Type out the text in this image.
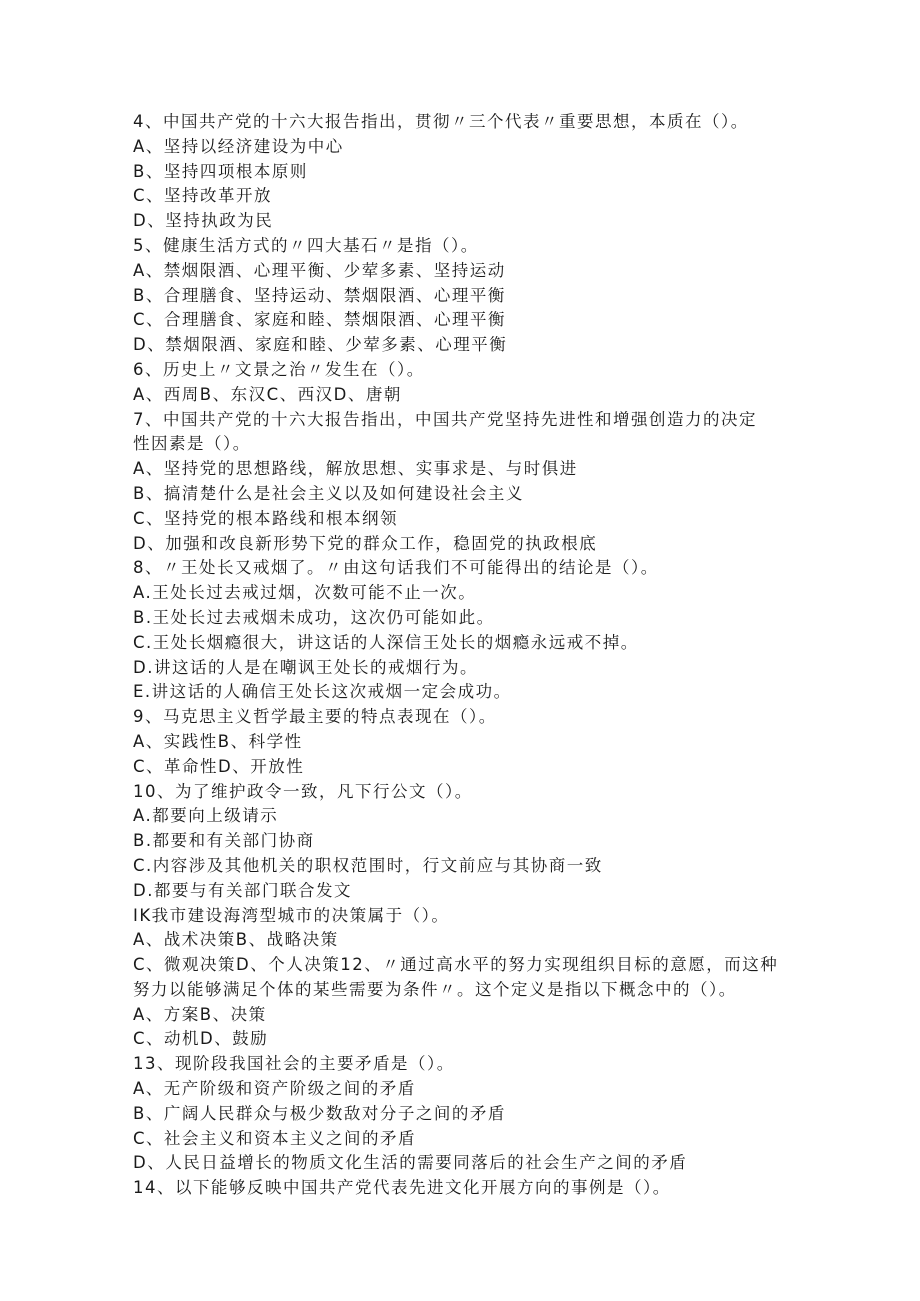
4、中国共产党的十六大报告指出，贯彻〃三个代表〃重要思想，本质在（）。
A、坚持以经济建设为中心
B、坚持四项根本原则
C、坚持改革开放
D、坚持执政为民
5、健康生活方式的〃四大基石〃是指（）。
A、禁烟限酒、心理平衡、少荤多素、坚持运动
B、合理膳食、坚持运动、禁烟限酒、心理平衡
C、合理膳食、家庭和睦、禁烟限酒、心理平衡
D、禁烟限酒、家庭和睦、少荤多素、心理平衡
6、历史上〃文景之治〃发生在（）。
A、西周B、东汉C、西汉D、唐朝
7、中国共产党的十六大报告指出，中国共产党坚持先进性和增强创造力的决定
性因素是（）。
A、坚持党的思想路线，解放思想、实事求是、与时俱进
B、搞清楚什么是社会主义以及如何建设社会主义
C、坚持党的根本路线和根本纲领
D、加强和改良新形势下党的群众工作，稳固党的执政根底
8、〃王处长又戒烟了。〃由这句话我们不可能得出的结论是（）。
A.王处长过去戒过烟，次数可能不止一次。
B.王处长过去戒烟未成功，这次仍可能如此。
C.王处长烟瘾很大，讲这话的人深信王处长的烟瘾永远戒不掉。
D.讲这话的人是在嘲讽王处长的戒烟行为。
E.讲这话的人确信王处长这次戒烟一定会成功。
9、马克思主义哲学最主要的特点表现在（）。
A、实践性B、科学性
C、革命性D、开放性
10、为了维护政令一致，凡下行公文（）。
A.都要向上级请示
B.都要和有关部门协商
C.内容涉及其他机关的职权范围时，行文前应与其协商一致
D.都要与有关部门联合发文
IK我市建设海湾型城市的决策属于（）。
A、战术决策B、战略决策
C、微观决策D、个人决策12、〃通过高水平的努力实现组织目标的意愿，而这种
努力以能够满足个体的某些需要为条件〃。这个定义是指以下概念中的（）。
A、方案B、决策
C、动机D、鼓励
13、现阶段我国社会的主要矛盾是（）。
A、无产阶级和资产阶级之间的矛盾
B、广阔人民群众与极少数敌对分子之间的矛盾
C、社会主义和资本主义之间的矛盾
D、人民日益增长的物质文化生活的需要同落后的社会生产之间的矛盾
14、以下能够反映中国共产党代表先进文化开展方向的事例是（）。
